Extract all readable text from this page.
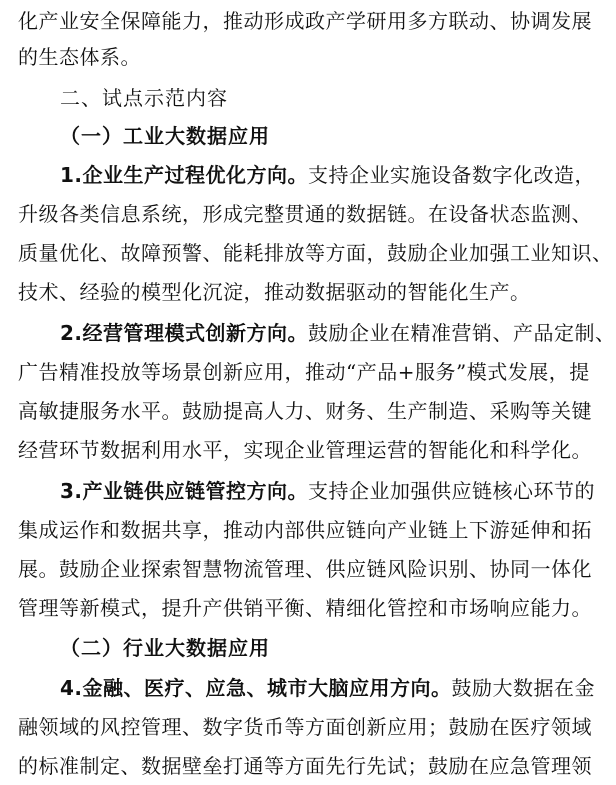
化产业安全保障能力，推动形成政产学研用多方联动、协调发展
的生态体系。
二、试点示范内容
（一）工业大数据应用
1.企业生产过程优化方向。支持企业实施设备数字化改造，
升级各类信息系统，形成完整贯通的数据链。在设备状态监测、
质量优化、故障预警、能耗排放等方面，鼓励企业加强工业知识、
技术、经验的模型化沉淀，推动数据驱动的智能化生产。
2.经营管理模式创新方向。鼓励企业在精准营销、产品定制、
广告精准投放等场景创新应用，推动“产品+服务”模式发展，提
高敏捷服务水平。鼓励提高人力、财务、生产制造、采购等关键
经营环节数据利用水平，实现企业管理运营的智能化和科学化。
3.产业链供应链管控方向。支持企业加强供应链核心环节的
集成运作和数据共享，推动内部供应链向产业链上下游延伸和拓
展。鼓励企业探索智慧物流管理、供应链风险识别、协同一体化
管理等新模式，提升产供销平衡、精细化管控和市场响应能力。
（二）行业大数据应用
4.金融、医疗、应急、城市大脑应用方向。鼓励大数据在金
融领域的风控管理、数字货币等方面创新应用；鼓励在医疗领域
的标准制定、数据壁垒打通等方面先行先试；鼓励在应急管理领
